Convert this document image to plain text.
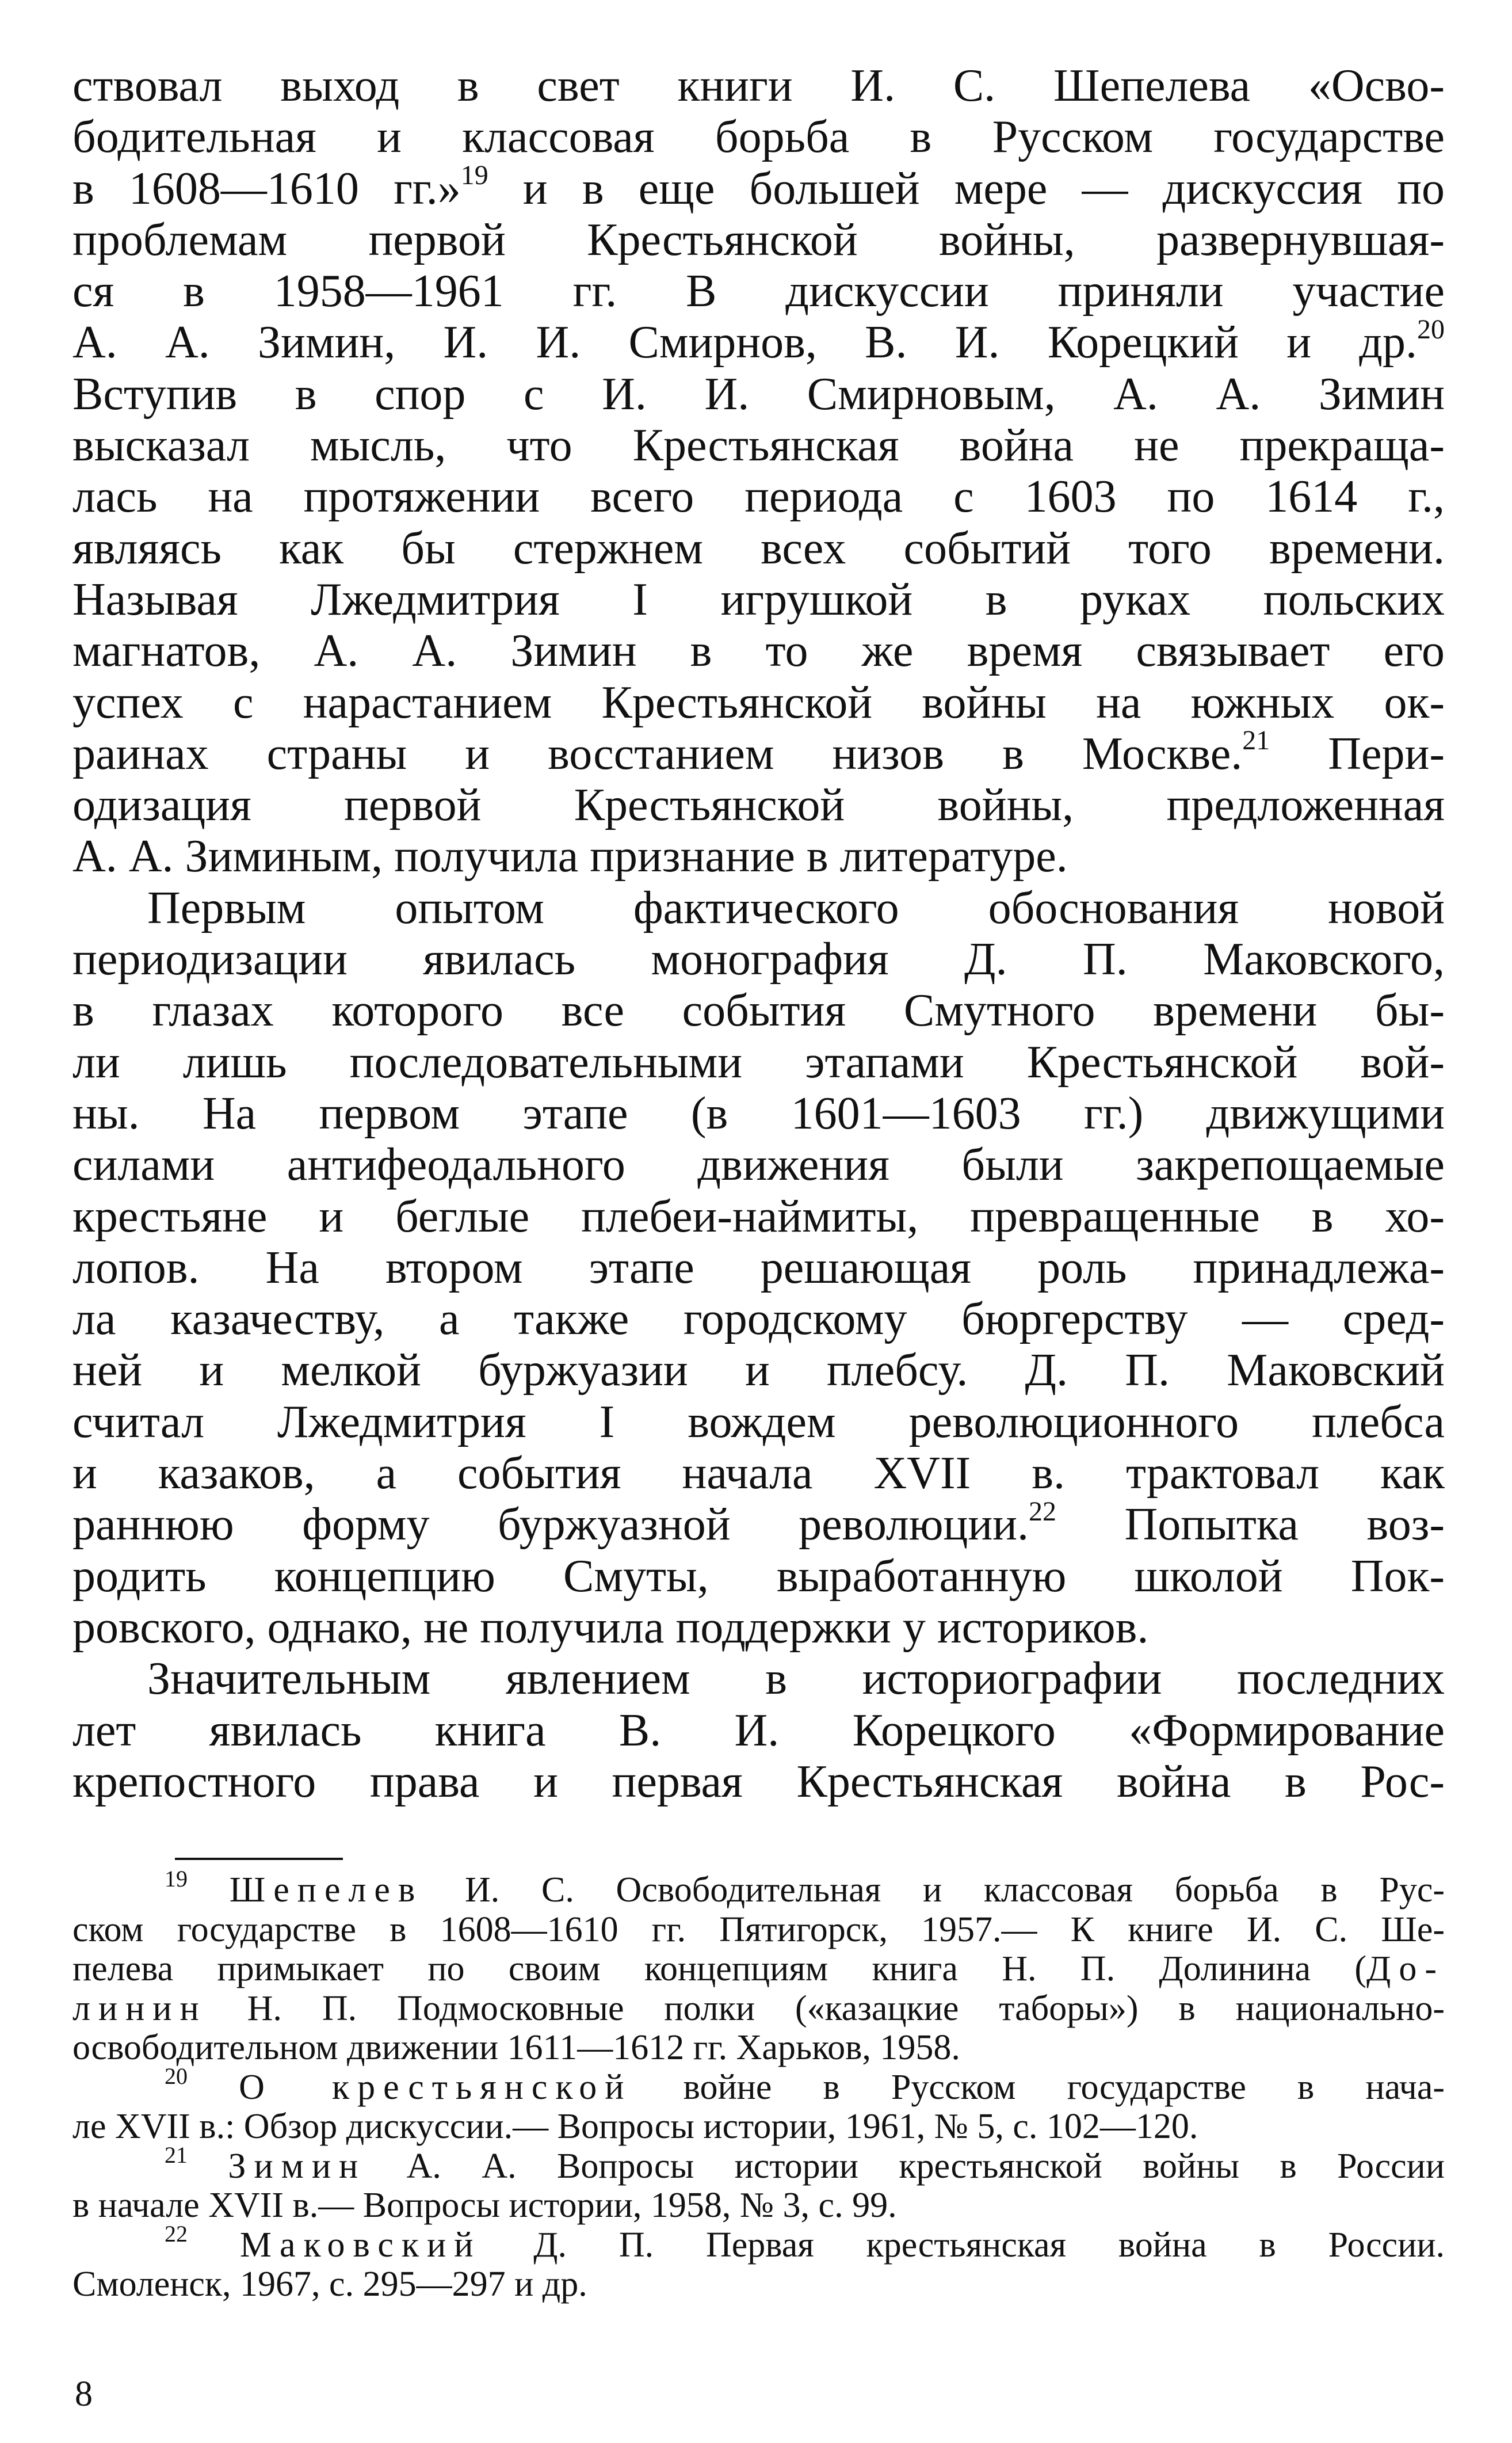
ствовал выход в свет книги И. С. Шепелева «Осво-
бодительная и классовая борьба в Русском государстве
в 1608—1610 гг.»$^{19}$ и в еще большей мере — дискуссия по
проблемам первой Крестьянской войны, развернувшая-
ся в 1958—1961 гг. В дискуссии приняли участие
А. А. Зимин, И. И. Смирнов, В. И. Корецкий и др.$^{20}$
Вступив в спор с И. И. Смирновым, А. А. Зимин
высказал мысль, что Крестьянская война не прекраща-
лась на протяжении всего периода с 1603 по 1614 г.,
являясь как бы стержнем всех событий того времени.
Называя Лжедмитрия I игрушкой в руках польских
магнатов, А. А. Зимин в то же время связывает его
успех с нарастанием Крестьянской войны на южных ок-
раинах страны и восстанием низов в Москве.$^{21}$ Пери-
одизация первой Крестьянской войны, предложенная
А. А. Зиминым, получила признание в литературе.
Первым опытом фактического обоснования новой
периодизации явилась монография Д. П. Маковского,
в глазах которого все события Смутного времени бы-
ли лишь последовательными этапами Крестьянской вой-
ны. На первом этапе (в 1601—1603 гг.) движущими
силами антифеодального движения были закрепощаемые
крестьяне и беглые плебеи-наймиты, превращенные в хо-
лопов. На втором этапе решающая роль принадлежа-
ла казачеству, а также городскому бюргерству — сред-
ней и мелкой буржуазии и плебсу. Д. П. Маковский
считал Лжедмитрия I вождем революционного плебса
и казаков, а события начала XVII в. трактовал как
раннюю форму буржуазной революции.$^{22}$ Попытка воз-
родить концепцию Смуты, выработанную школой Пок-
ровского, однако, не получила поддержки у историков.
Значительным явлением в историографии последних
лет явилась книга В. И. Корецкого «Формирование
крепостного права и первая Крестьянская война в Рос-
$^{19}$ Шепелев И. С. Освободительная и классовая борьба в Рус-
ском государстве в 1608—1610 гг. Пятигорск, 1957.— К книге И. С. Ше-
пелева примыкает по своим концепциям книга Н. П. Долинина (До-
линин Н. П. Подмосковные полки («казацкие таборы») в национально-
освободительном движении 1611—1612 гг. Харьков, 1958.
$^{20}$ О крестьянской войне в Русском государстве в нача-
ле XVII в.: Обзор дискуссии.— Вопросы истории, 1961, № 5, с. 102—120.
$^{21}$ Зимин А. А. Вопросы истории крестьянской войны в России
в начале XVII в.— Вопросы истории, 1958, № 3, с. 99.
$^{22}$ Маковский Д. П. Первая крестьянская война в России.
Смоленск, 1967, с. 295—297 и др.
8
